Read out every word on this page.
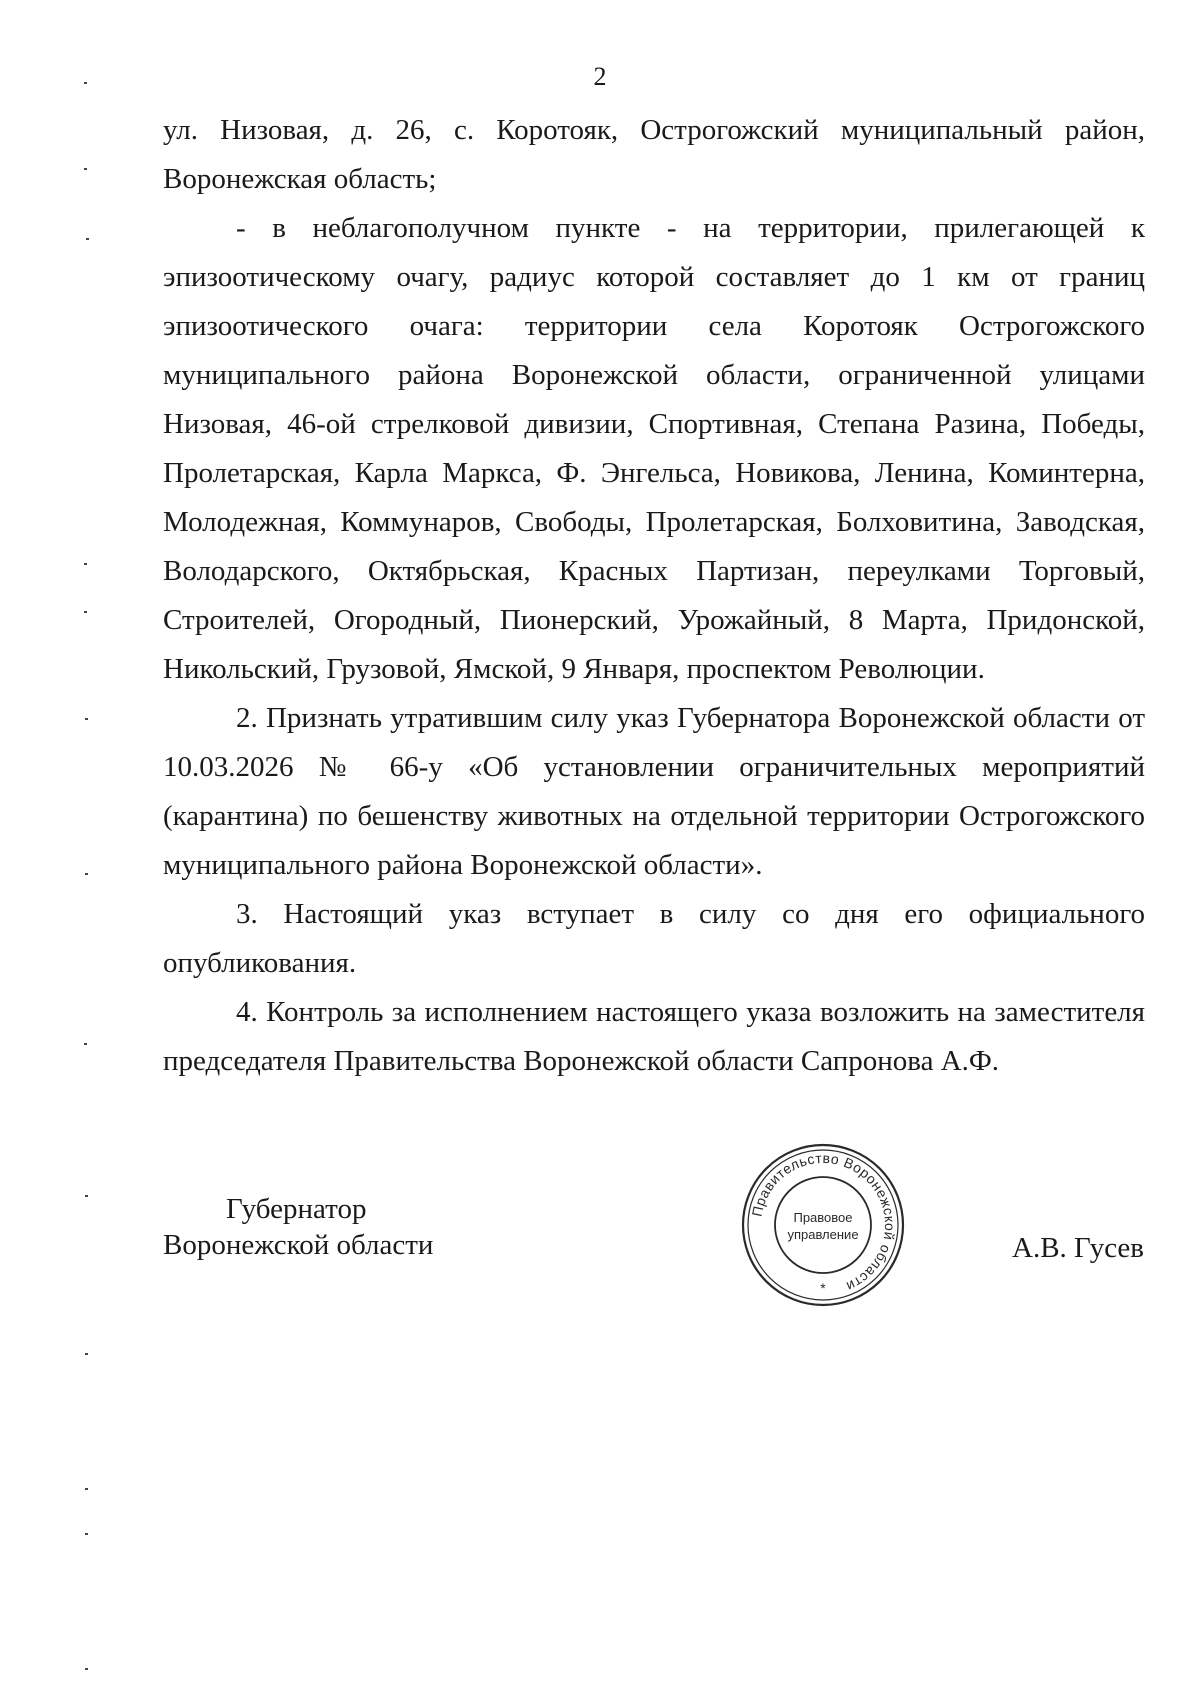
2

ул. Низовая, д. 26, с. Коротояк, Острогожский муниципальный район, Воронежская область;

- в неблагополучном пункте - на территории, прилегающей к эпизоотическому очагу, радиус которой составляет до 1 км от границ эпизоотического очага: территории села Коротояк Острогожского муниципального района Воронежской области, ограниченной улицами Низовая, 46-ой стрелковой дивизии, Спортивная, Степана Разина, Победы, Пролетарская, Карла Маркса, Ф. Энгельса, Новикова, Ленина, Коминтерна, Молодежная, Коммунаров, Свободы, Пролетарская, Болховитина, Заводская, Володарского, Октябрьская, Красных Партизан, переулками Торговый, Строителей, Огородный, Пионерский, Урожайный, 8 Марта, Придонской, Никольский, Грузовой, Ямской, 9 Января, проспектом Революции.

2. Признать утратившим силу указ Губернатора Воронежской области от 10.03.2026 № 66-у «Об установлении ограничительных мероприятий (карантина) по бешенству животных на отдельной территории Острогожского муниципального района Воронежской области».

3. Настоящий указ вступает в силу со дня его официального опубликования.

4. Контроль за исполнением настоящего указа возложить на заместителя председателя Правительства Воронежской области Сапронова А.Ф.

Губернатор
Воронежской области
Правительство Воронежской области
Правовое
управление
*
А.В. Гусев
